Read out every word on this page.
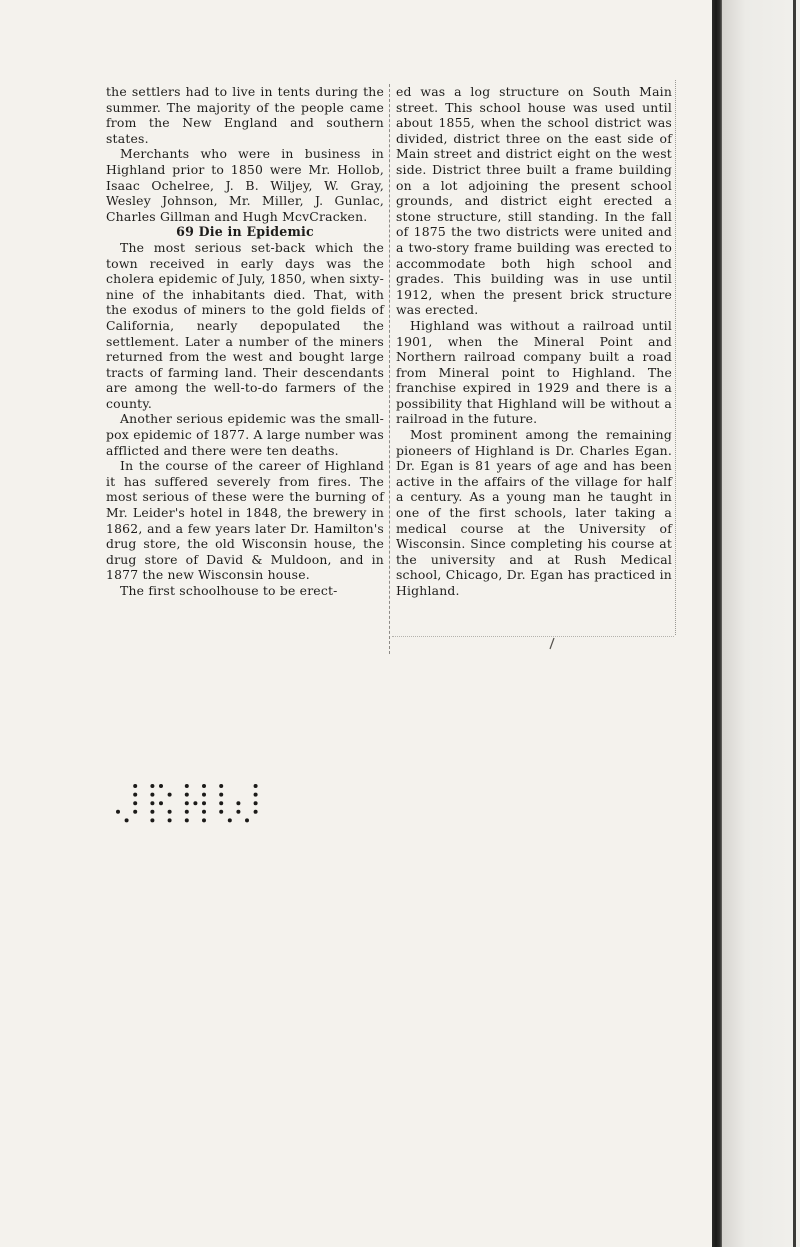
the settlers had to live in tents during the summer. The majority of the people came from the New England and southern states.

Merchants who were in business in Highland prior to 1850 were Mr. Hollob, Isaac Ochelree, J. B. Wiljey, W. Gray, Wesley Johnson, Mr. Miller, J. Gunlac, Charles Gillman and Hugh McvCracken.

69 Die in Epidemic

The most serious set-back which the town received in early days was the cholera epidemic of July, 1850, when sixty-nine of the inhabitants died. That, with the exodus of miners to the gold fields of California, nearly depopulated the settlement. Later a number of the miners returned from the west and bought large tracts of farming land. Their descendants are among the well-to-do farmers of the county.

Another serious epidemic was the small-pox epidemic of 1877. A large number was afflicted and there were ten deaths.

In the course of the career of Highland it has suffered severely from fires. The most serious of these were the burning of Mr. Leider's hotel in 1848, the brewery in 1862, and a few years later Dr. Hamilton's drug store, the old Wisconsin house, the drug store of David & Muldoon, and in 1877 the new Wisconsin house.

The first schoolhouse to be erect-

ed was a log structure on South Main street. This school house was used until about 1855, when the school district was divided, district three on the east side of Main street and district eight on the west side. District three built a frame building on a lot adjoining the present school grounds, and district eight erected a stone structure, still standing. In the fall of 1875 the two districts were united and a two-story frame building was erected to accommodate both high school and grades. This building was in use until 1912, when the present brick structure was erected.

Highland was without a railroad until 1901, when the Mineral Point and Northern railroad company built a road from Mineral point to Highland. The franchise expired in 1929 and there is a possibility that Highland will be without a railroad in the future.

Most prominent among the remaining pioneers of Highland is Dr. Charles Egan. Dr. Egan is 81 years of age and has been active in the affairs of the village for half a century. As a young man he taught in one of the first schools, later taking a medical course at the University of Wisconsin. Since completing his course at the university and at Rush Medical school, Chicago, Dr. Egan has practiced in Highland.
